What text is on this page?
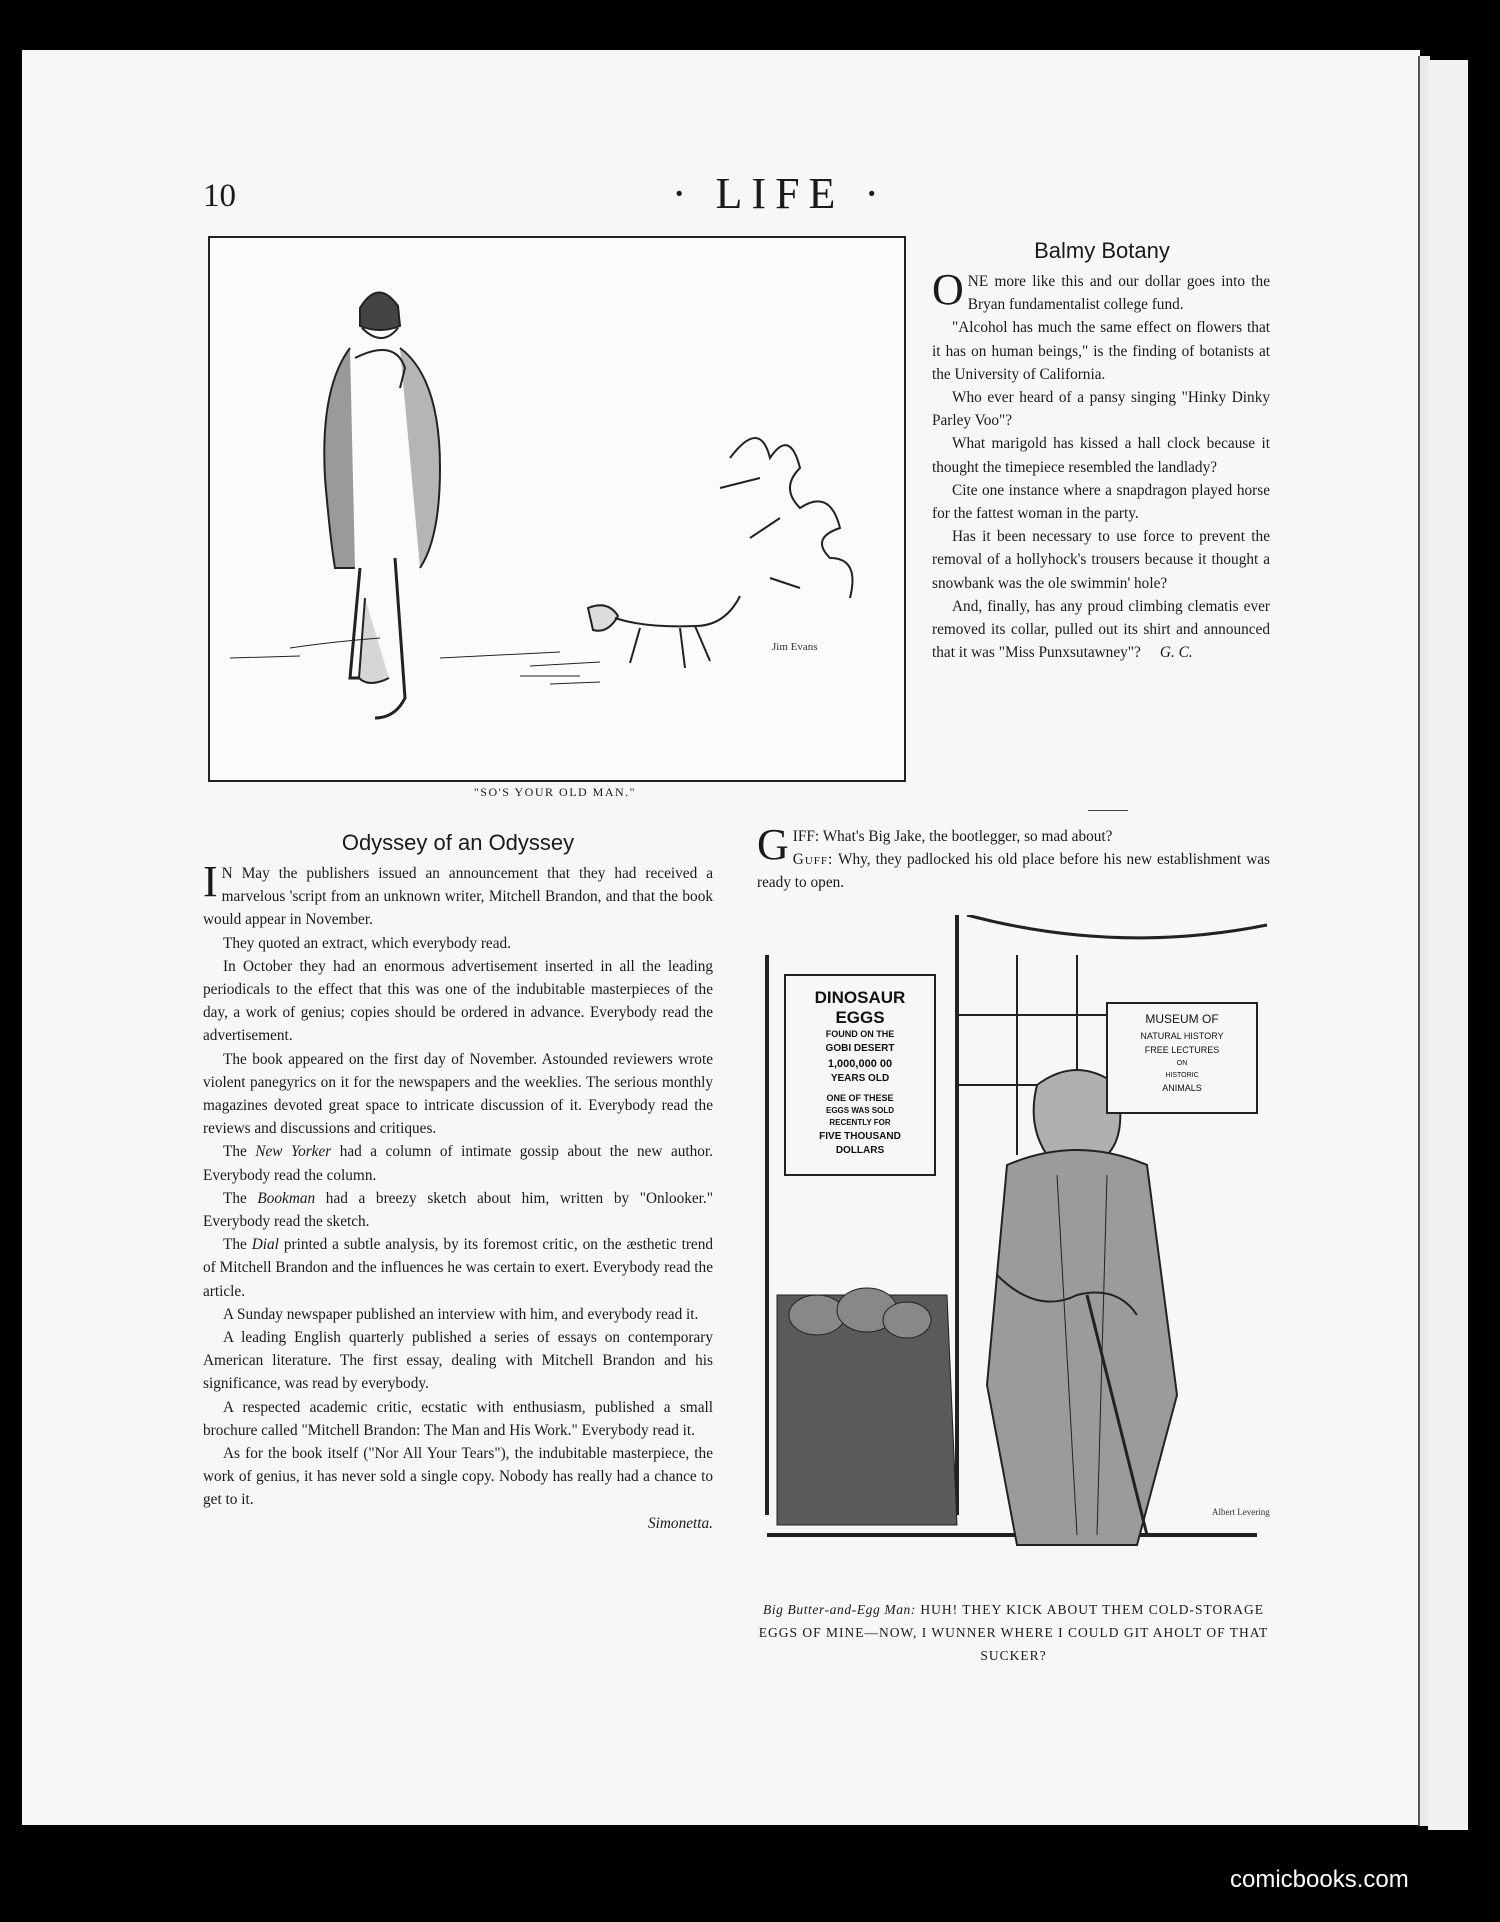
10	· LIFE ·
Jim Evans
"SO'S YOUR OLD MAN."
Balmy Botany

ONE more like this and our dollar goes into the Bryan fundamentalist college fund.

"Alcohol has much the same effect on flowers that it has on human beings," is the finding of botanists at the University of California.

Who ever heard of a pansy singing "Hinky Dinky Parley Voo"?

What marigold has kissed a hall clock because it thought the timepiece resembled the landlady?

Cite one instance where a snapdragon played horse for the fattest woman in the party.

Has it been necessary to use force to prevent the removal of a hollyhock's trousers because it thought a snowbank was the ole swimmin' hole?

And, finally, has any proud climbing clematis ever removed its collar, pulled out its shirt and announced that it was "Miss Punxsutawney"? G. C.

GIFF: What's Big Jake, the bootlegger, so mad about?
Guff: Why, they padlocked his old place before his new establishment was ready to open.

Odyssey of an Odyssey

I N May the publishers issued an announcement that they had received a marvelous 'script from an unknown writer, Mitchell Brandon, and that the book would appear in November.

They quoted an extract, which everybody read.

In October they had an enormous advertisement inserted in all the leading periodicals to the effect that this was one of the indubitable masterpieces of the day, a work of genius; copies should be ordered in advance. Everybody read the advertisement.

The book appeared on the first day of November. Astounded reviewers wrote violent panegyrics on it for the newspapers and the weeklies. The serious monthly magazines devoted great space to intricate discussion of it. Everybody read the reviews and discussions and critiques.

The New Yorker had a column of intimate gossip about the new author. Everybody read the column.

The Bookman had a breezy sketch about him, written by "Onlooker." Everybody read the sketch.

The Dial printed a subtle analysis, by its foremost critic, on the æsthetic trend of Mitchell Brandon and the influences he was certain to exert. Everybody read the article.

A Sunday newspaper published an interview with him, and everybody read it.

A leading English quarterly published a series of essays on contemporary American literature. The first essay, dealing with Mitchell Brandon and his significance, was read by everybody.

A respected academic critic, ecstatic with enthusiasm, published a small brochure called "Mitchell Brandon: The Man and His Work." Everybody read it.

As for the book itself ("Nor All Your Tears"), the indubitable masterpiece, the work of genius, it has never sold a single copy. Nobody has really had a chance to get to it.

Simonetta.
DINOSAUR
EGGS
FOUND ON THE
GOBI DESERT
1,000,000 00
YEARS OLD
ONE OF THESE
EGGS WAS SOLD
RECENTLY FOR
FIVE THOUSAND
DOLLARS
MUSEUM OF
NATURAL HISTORY
FREE LECTURES
ON
HISTORIC
ANIMALS
Albert Levering
Big Butter-and-Egg Man: HUH! THEY KICK ABOUT THEM COLD-STORAGE EGGS OF MINE—NOW, I WUNNER WHERE I COULD GIT AHOLT OF THAT SUCKER?
comicbooks.com
